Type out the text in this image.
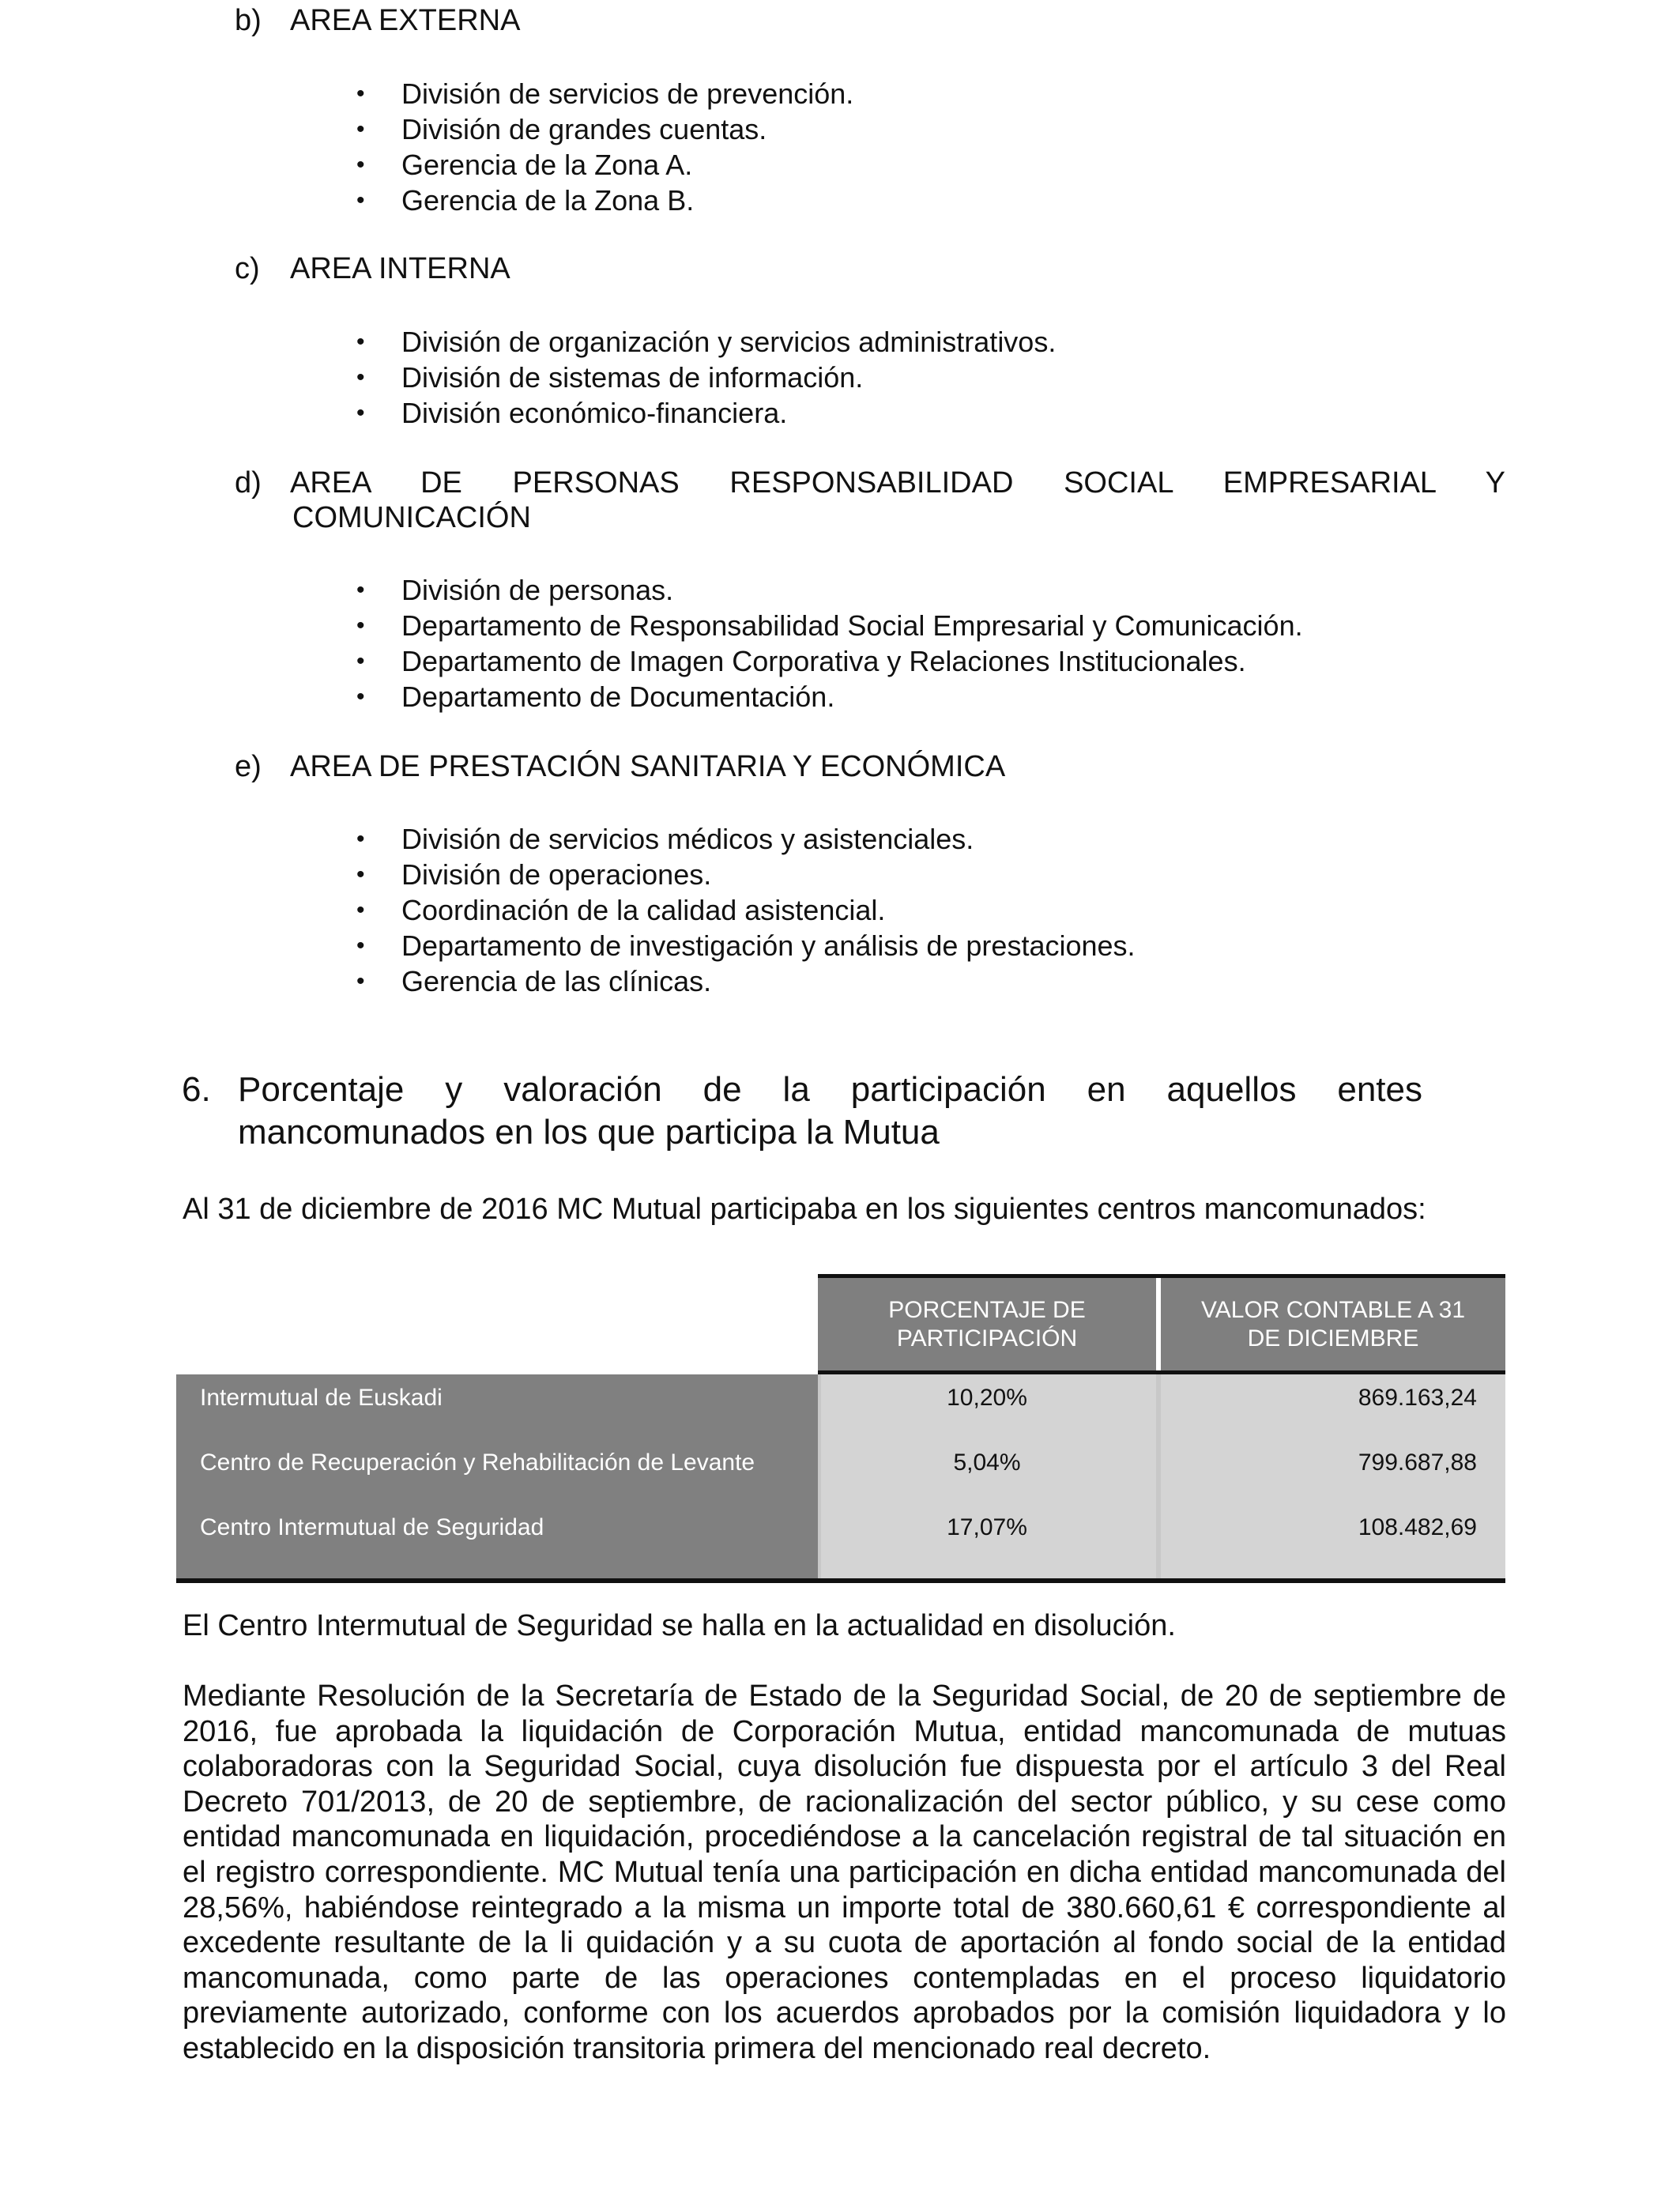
b) AREA EXTERNA
• División de servicios de prevención.
• División de grandes cuentas.
• Gerencia de la Zona A.
• Gerencia de la Zona B.
c) AREA INTERNA
• División de organización y servicios administrativos.
• División de sistemas de información.
• División económico-financiera.
d) AREA DE PERSONAS RESPONSABILIDAD SOCIAL EMPRESARIAL Y
COMUNICACIÓN
• División de personas.
• Departamento de Responsabilidad Social Empresarial y Comunicación.
• Departamento de Imagen Corporativa y Relaciones Institucionales.
• Departamento de Documentación.
e) AREA DE PRESTACIÓN SANITARIA Y ECONÓMICA
• División de servicios médicos y asistenciales.
• División de operaciones.
• Coordinación de la calidad asistencial.
• Departamento de investigación y análisis de prestaciones.
• Gerencia de las clínicas.
6. Porcentaje y valoración de la participación en aquellos entes
mancomunados en los que participa la Mutua
Al 31 de diciembre de 2016 MC Mutual participaba en los siguientes centros mancomunados:
PORCENTAJE DE PARTICIPACIÓN
VALOR CONTABLE A 31 DE DICIEMBRE
Intermutual de Euskadi	10,20%	869.163,24
Centro de Recuperación y Rehabilitación de Levante	5,04%	799.687,88
Centro Intermutual de Seguridad	17,07%	108.482,69
El Centro Intermutual de Seguridad se halla en la actualidad en disolución.
Mediante Resolución de la Secretaría de Estado de la Seguridad Social, de 20 de septiembre de 2016, fue aprobada la liquidación de Corporación Mutua, entidad mancomunada de mutuas colaboradoras con la Seguridad Social, cuya disolución fue dispuesta por el artículo 3 del Real Decreto 701/2013, de 20 de septiembre, de racionalización del sector público, y su cese como entidad mancomunada en liquidación, procediéndose a la cancelación registral de tal situación en el registro correspondiente. MC Mutual tenía una participación en dicha entidad mancomunada del 28,56%, habiéndose reintegrado a la misma un importe total de 380.660,61 € correspondiente al excedente resultante de la li quidación y a su cuota de aportación al fondo social de la entidad mancomunada, como parte de las operaciones contempladas en el proceso liquidatorio previamente autorizado, conforme con los acuerdos aprobados por la comisión liquidadora y lo establecido en la disposición transitoria primera del mencionado real decreto.
